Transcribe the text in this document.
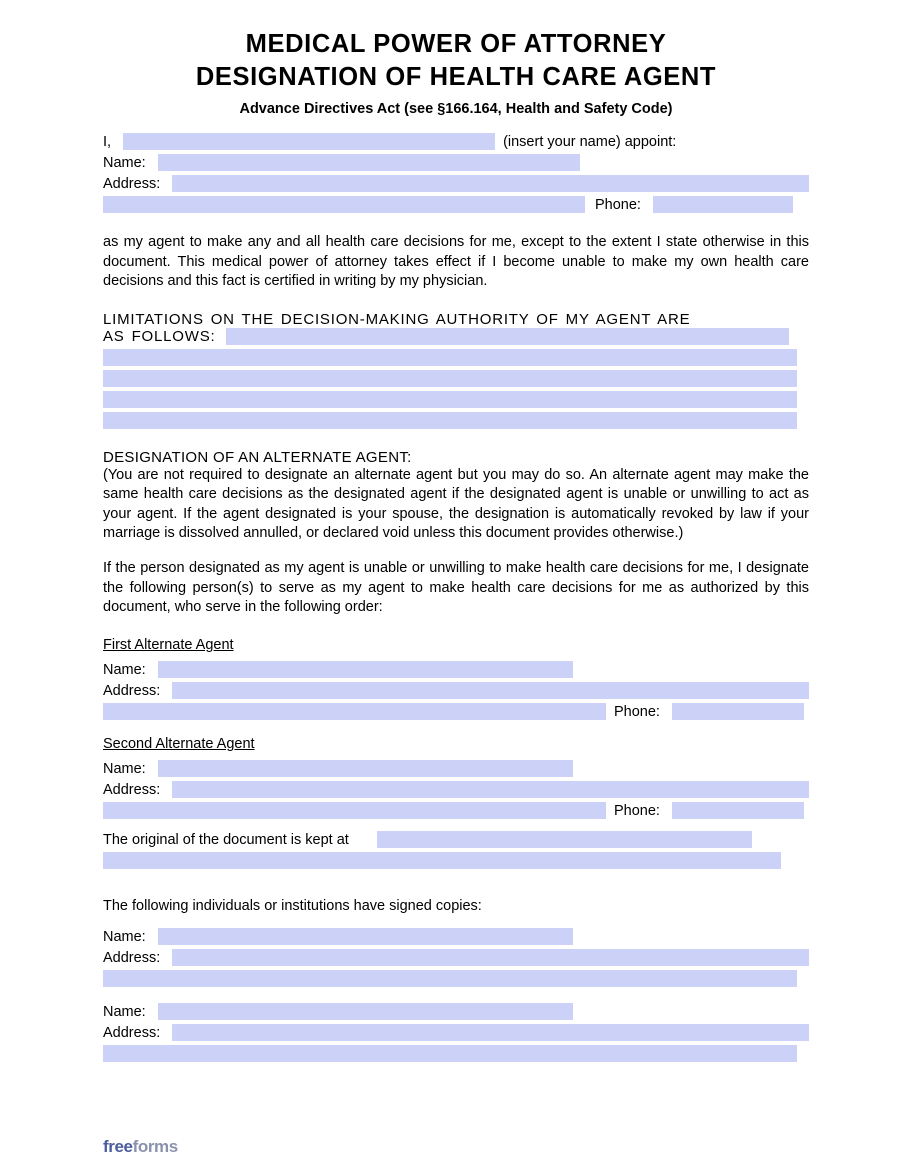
MEDICAL POWER OF ATTORNEY
DESIGNATION OF HEALTH CARE AGENT
Advance Directives Act (see §166.164, Health and Safety Code)
I,	(insert your name) appoint:
Name:
Address:
Phone:

as my agent to make any and all health care decisions for me, except to the extent I state otherwise in this document. This medical power of attorney takes effect if I become unable to make my own health care decisions and this fact is certified in writing by my physician.

LIMITATIONS ON THE DECISION-MAKING AUTHORITY OF MY AGENT ARE
AS FOLLOWS:
DESIGNATION OF AN ALTERNATE AGENT:

(You are not required to designate an alternate agent but you may do so. An alternate agent may make the same health care decisions as the designated agent if the designated agent is unable or unwilling to act as your agent. If the agent designated is your spouse, the designation is automatically revoked by law if your marriage is dissolved annulled, or declared void unless this document provides otherwise.)

If the person designated as my agent is unable or unwilling to make health care decisions for me, I designate the following person(s) to serve as my agent to make health care decisions for me as authorized by this document, who serve in the following order:

First Alternate Agent
Name:
Address:
Phone:
Second Alternate Agent
Name:
Address:
Phone:
The original of the document is kept at
The following individuals or institutions have signed copies:
Name:
Address:
Name:
Address:
freeforms
